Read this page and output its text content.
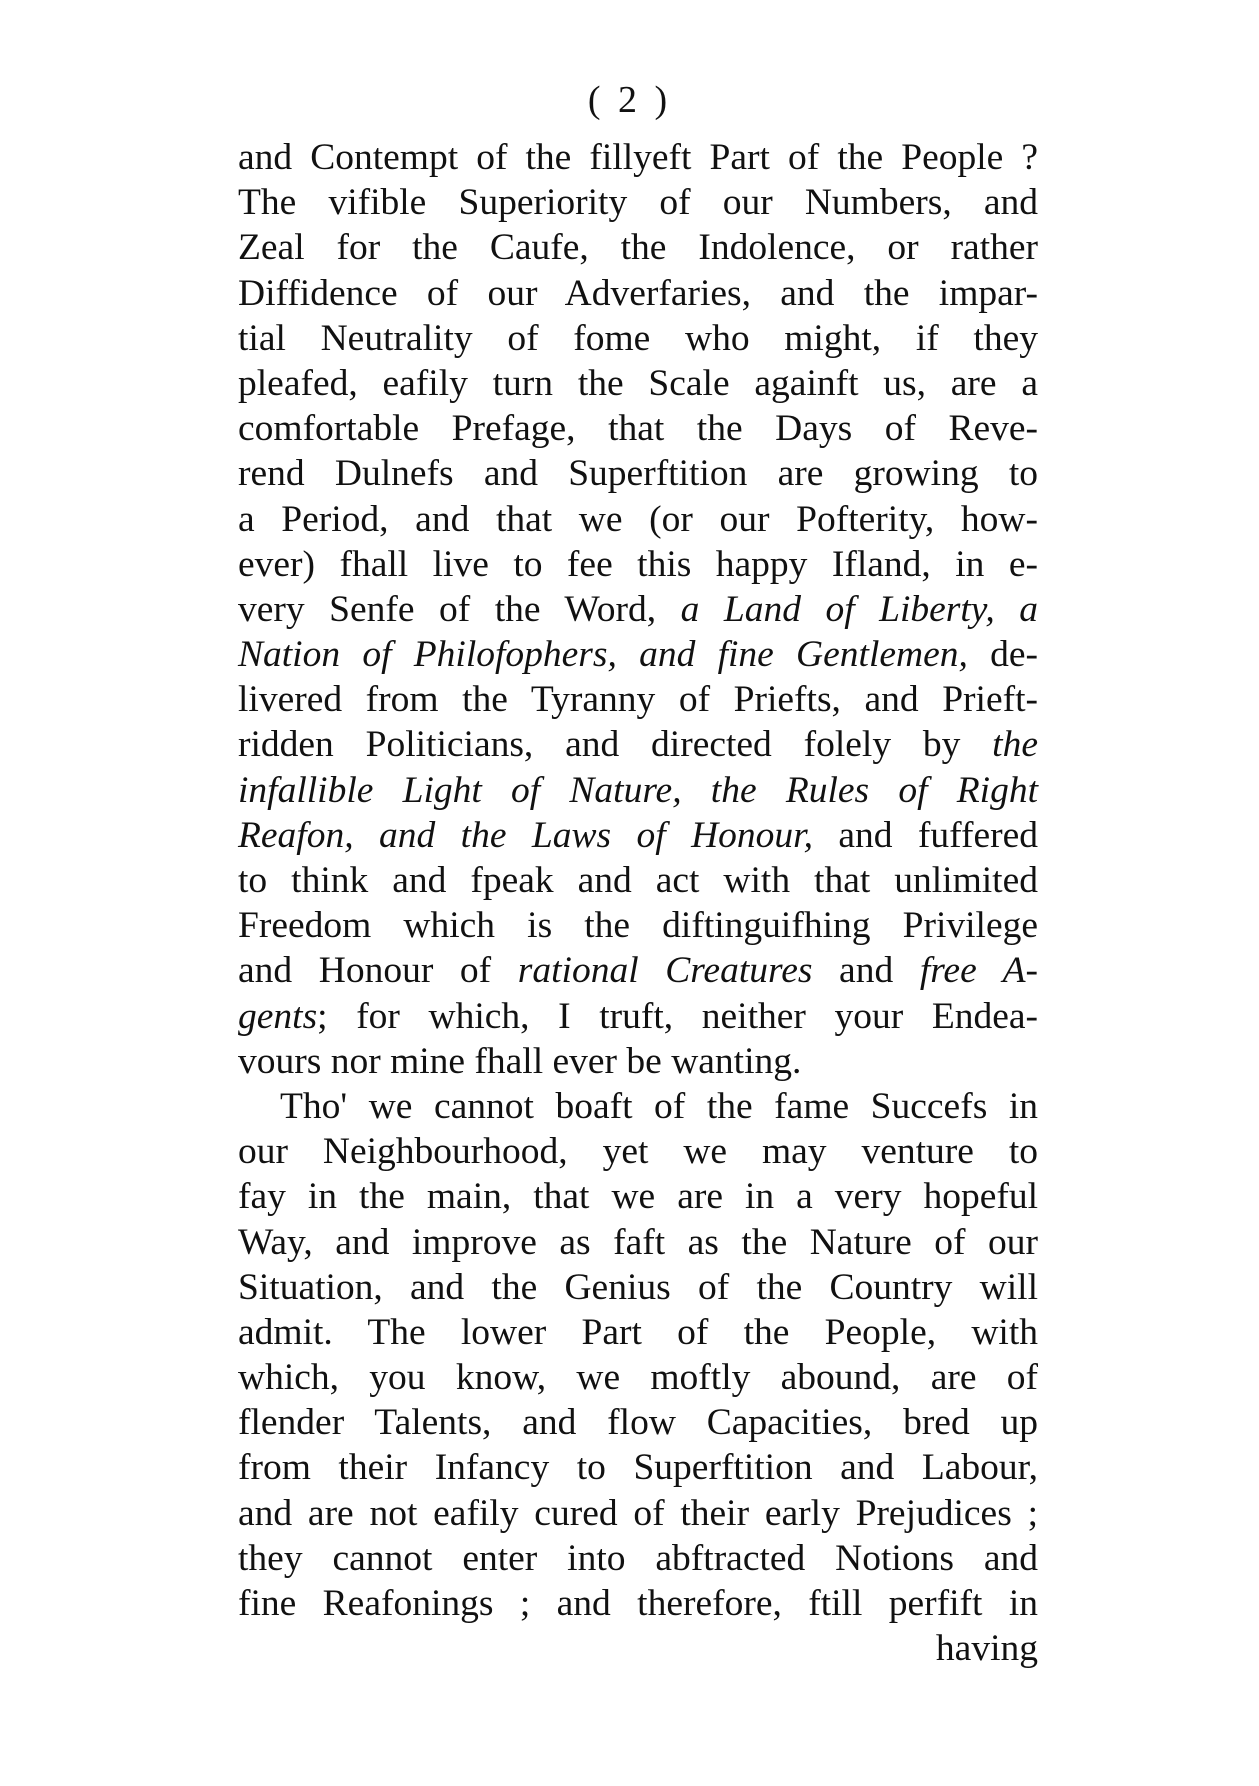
( 2 )
and Contempt of the fillyeft Part of the People ?
The vifible Superiority of our Numbers, and
Zeal for the Caufe, the Indolence, or rather
Diffidence of our Adverfaries, and the impar-
tial Neutrality of fome who might, if they
pleafed, eafily turn the Scale againft us, are a
comfortable Prefage, that the Days of Reve-
rend Dulnefs and Superftition are growing to
a Period, and that we (or our Pofterity, how-
ever) fhall live to fee this happy Ifland, in e-
very Senfe of the Word, a Land of Liberty, a
Nation of Philofophers, and fine Gentlemen, de-
livered from the Tyranny of Priefts, and Prieft-
ridden Politicians, and directed folely by the
infallible Light of Nature, the Rules of Right
Reafon, and the Laws of Honour, and fuffered
to think and fpeak and act with that unlimited
Freedom which is the diftinguifhing Privilege
and Honour of rational Creatures and free A-
gents; for which, I truft, neither your Endea-
vours nor mine fhall ever be wanting.
Tho' we cannot boaft of the fame Succefs in
our Neighbourhood, yet we may venture to
fay in the main, that we are in a very hopeful
Way, and improve as faft as the Nature of our
Situation, and the Genius of the Country will
admit. The lower Part of the People, with
which, you know, we moftly abound, are of
flender Talents, and flow Capacities, bred up
from their Infancy to Superftition and Labour,
and are not eafily cured of their early Prejudices ;
they cannot enter into abftracted Notions and
fine Reafonings ; and therefore, ftill perfift in
having
